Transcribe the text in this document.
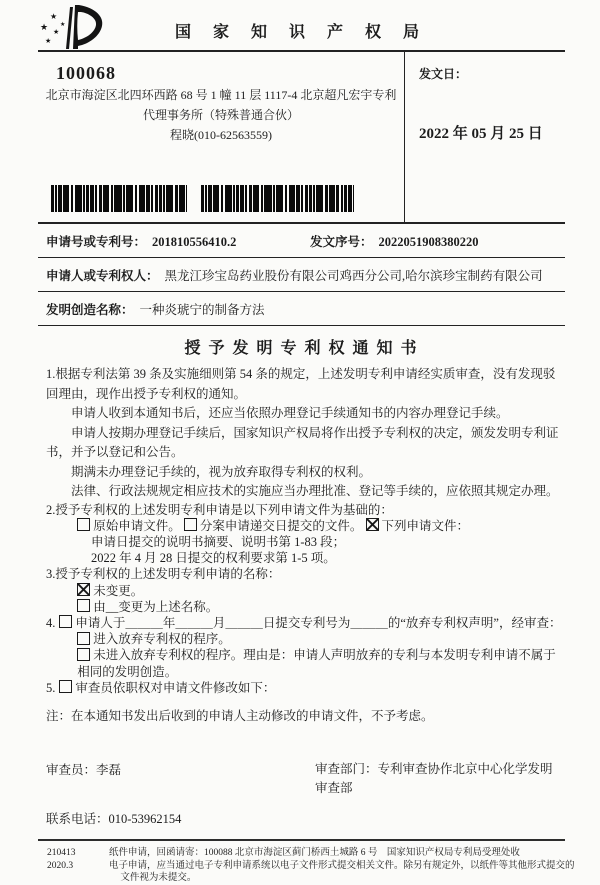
★
★
★
★
★	国 家 知 识 产 权 局
100068
北京市海淀区北四环西路 68 号 1 幢 11 层 1117-4 北京超凡宏宇专利
代理事务所（特殊普通合伙）
程晓(010-62563559)
发文日：
2022 年 05 月 25 日
申请号或专利号： 201810556410.2	发文序号： 2022051908380220
申请人或专利权人： 黑龙江珍宝岛药业股份有限公司鸡西分公司,哈尔滨珍宝制药有限公司
发明创造名称： 一种炎琥宁的制备方法
授 予 发 明 专 利 权 通 知 书

1.根据专利法第 39 条及实施细则第 54 条的规定，上述发明专利申请经实质审查，没有发现驳回理由，现作出授予专利权的通知。

申请人收到本通知书后，还应当依照办理登记手续通知书的内容办理登记手续。

申请人按期办理登记手续后，国家知识产权局将作出授予专利权的决定，颁发发明专利证书，并予以登记和公告。

期满未办理登记手续的，视为放弃取得专利权的权利。

法律、行政法规规定相应技术的实施应当办理批准、登记等手续的，应依照其规定办理。

2.授予专利权的上述发明专利申请是以下列申请文件为基础的：

原始申请文件。 分案申请递交日提交的文件。 下列申请文件：

申请日提交的说明书摘要、说明书第 1-83 段；

2022 年 4 月 28 日提交的权利要求第 1-5 项。

3.授予专利权的上述发明专利申请的名称：

未变更。

由__变更为上述名称。

4. 申请人于＿＿＿年＿＿＿月＿＿＿日提交专利号为＿＿＿的“放弃专利权声明”，经审查：

进入放弃专利权的程序。

未进入放弃专利权的程序。理由是：申请人声明放弃的专利与本发明专利申请不属于相同的发明创造。

5. 审查员依职权对申请文件修改如下：

注：在本通知书发出后收到的申请人主动修改的申请文件，不予考虑。

审查员：李磊	审查部门：专利审查协作北京中心化学发明审查部
联系电话：010-53962154
210413
2020.3
纸件申请，回函请寄：100088 北京市海淀区蓟门桥西土城路 6 号　国家知识产权局专利局受理处收
电子申请，应当通过电子专利申请系统以电子文件形式提交相关文件。除另有规定外，以纸件等其他形式提交的
文件视为未提交。
